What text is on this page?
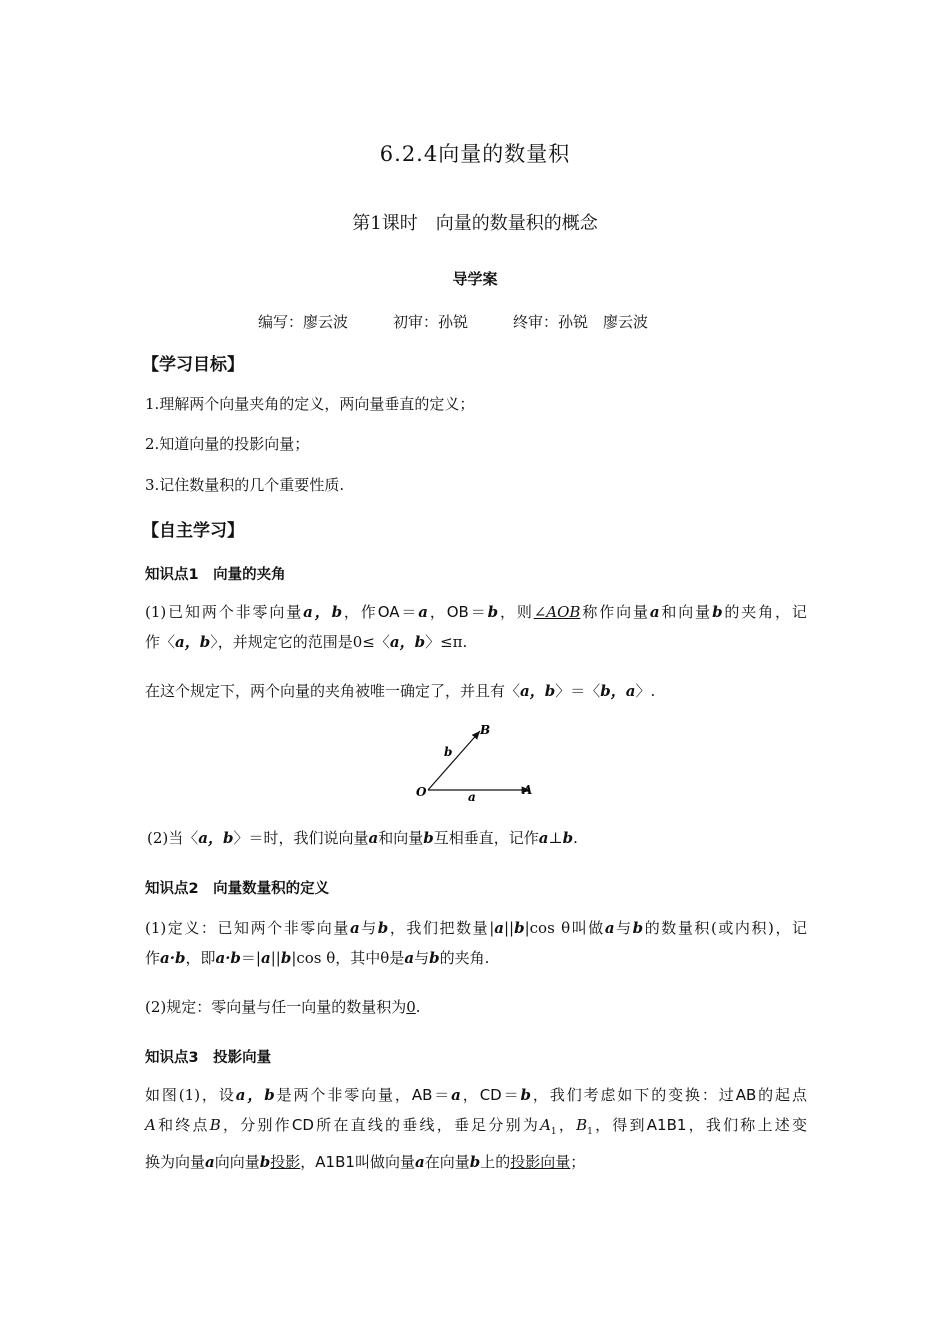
6.2.4向量的数量积
第1课时　向量的数量积的概念
导学案
编写：廖云波　　　初审：孙锐　　　终审：孙锐　廖云波
【学习目标】
1.理解两个向量夹角的定义，两向量垂直的定义；
2.知道向量的投影向量；
3.记住数量积的几个重要性质.
【自主学习】
知识点1　向量的夹角
(1)已知两个非零向量a，b，作OA＝a，OB＝b，则∠AOB称作向量a和向量b的夹角，记
作〈a，b〉，并规定它的范围是0≤〈a，b〉≤π.
在这个规定下，两个向量的夹角被唯一确定了，并且有〈a，b〉＝〈b，a〉.
B
b
O	a	A
(2)当〈a，b〉＝时，我们说向量a和向量b互相垂直，记作a⊥b.
知识点2　向量数量积的定义
(1)定义：已知两个非零向量a与b，我们把数量|a||b|cos θ叫做a与b的数量积(或内积)，记
作a·b，即a·b＝|a||b|cos θ，其中θ是a与b的夹角.
(2)规定：零向量与任一向量的数量积为0.
知识点3　投影向量
如图(1)，设a，b是两个非零向量，AB＝a，CD＝b，我们考虑如下的变换：过AB的起点
A和终点B，分别作CD所在直线的垂线，垂足分别为$A_1$，$B_1$，得到A1B1，我们称上述变
换为向量a向向量b投影，A1B1叫做向量a在向量b上的投影向量；
